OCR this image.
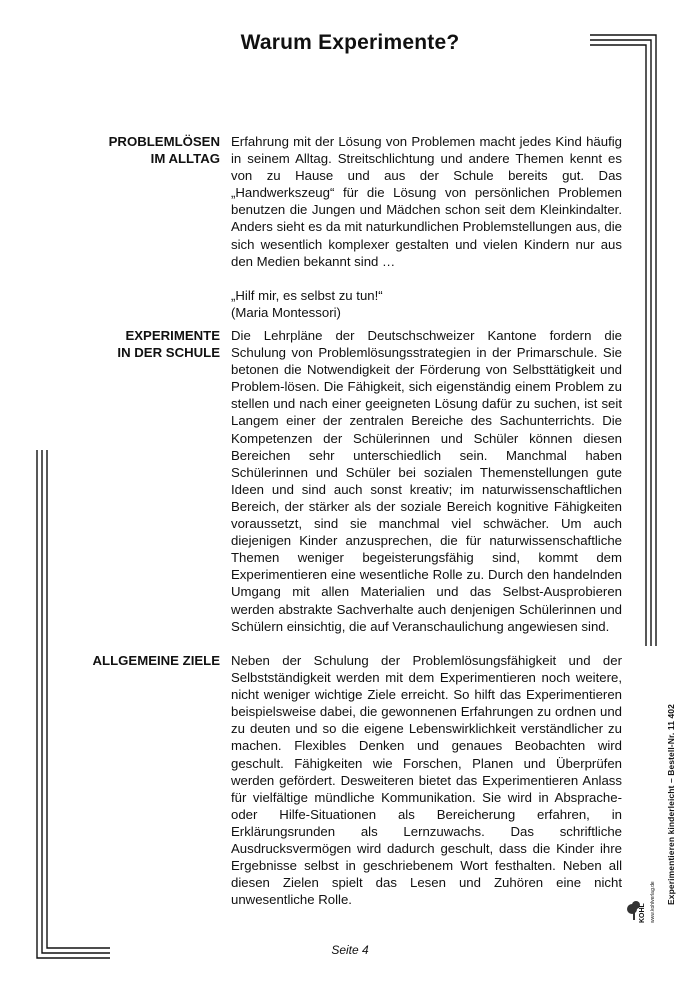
Warum Experimente?
PROBLEMLÖSEN
IM ALLTAG
Erfahrung mit der Lösung von Problemen macht jedes Kind häufig in seinem Alltag. Streitschlichtung und andere Themen kennt es von zu Hause und aus der Schule bereits gut. Das „Handwerkszeug“ für die Lösung von persönlichen Problemen benutzen die Jungen und Mädchen schon seit dem Kleinkindalter. Anders sieht es da mit naturkundlichen Problemstellungen aus, die sich wesentlich komplexer gestalten und vielen Kindern nur aus den Medien bekannt sind …
„Hilf mir, es selbst zu tun!“
(Maria Montessori)
EXPERIMENTE
IN DER SCHULE
Die Lehrpläne der Deutschschweizer Kantone fordern die Schulung von Problemlösungsstrategien in der Primarschule. Sie betonen die Notwendigkeit der Förderung von Selbsttätigkeit und Problem-lösen. Die Fähigkeit, sich eigenständig einem Problem zu stellen und nach einer geeigneten Lösung dafür zu suchen, ist seit Langem einer der zentralen Bereiche des Sachunterrichts. Die Kompetenzen der Schülerinnen und Schüler können diesen Bereichen sehr unterschiedlich sein. Manchmal haben Schülerinnen und Schüler bei sozialen Themenstellungen gute Ideen und sind auch sonst kreativ; im naturwissenschaftlichen Bereich, der stärker als der soziale Bereich kognitive Fähigkeiten voraussetzt, sind sie manchmal viel schwächer. Um auch diejenigen Kinder anzusprechen, die für naturwissenschaftliche Themen weniger begeisterungsfähig sind, kommt dem Experimentieren eine wesentliche Rolle zu. Durch den handelnden Umgang mit allen Materialien und das Selbst-Ausprobieren werden abstrakte Sachverhalte auch denjenigen Schülerinnen und Schülern einsichtig, die auf Veranschaulichung angewiesen sind.
ALLGEMEINE ZIELE Neben der Schulung der Problemlösungsfähigkeit und der Selbstständigkeit werden mit dem Experimentieren noch weitere, nicht weniger wichtige Ziele erreicht. So hilft das Experimentieren beispielsweise dabei, die gewonnenen Erfahrungen zu ordnen und zu deuten und so die eigene Lebenswirklichkeit verständlicher zu machen. Flexibles Denken und genaues Beobachten wird geschult. Fähigkeiten wie Forschen, Planen und Überprüfen werden gefördert. Desweiteren bietet das Experimentieren Anlass für vielfältige mündliche Kommunikation. Sie wird in Absprache- oder Hilfe-Situationen als Bereicherung erfahren, in Erklärungsrunden als Lernzuwachs. Das schriftliche Ausdrucksvermögen wird dadurch geschult, dass die Kinder ihre Ergebnisse selbst in geschriebenem Wort festhalten. Neben all diesen Zielen spielt das Lesen und Zuhören eine nicht unwesentliche Rolle.	Experimentieren kinderleicht – Bestell-Nr. 11 402
KOHL www.kohlverlag.de
Seite 4
